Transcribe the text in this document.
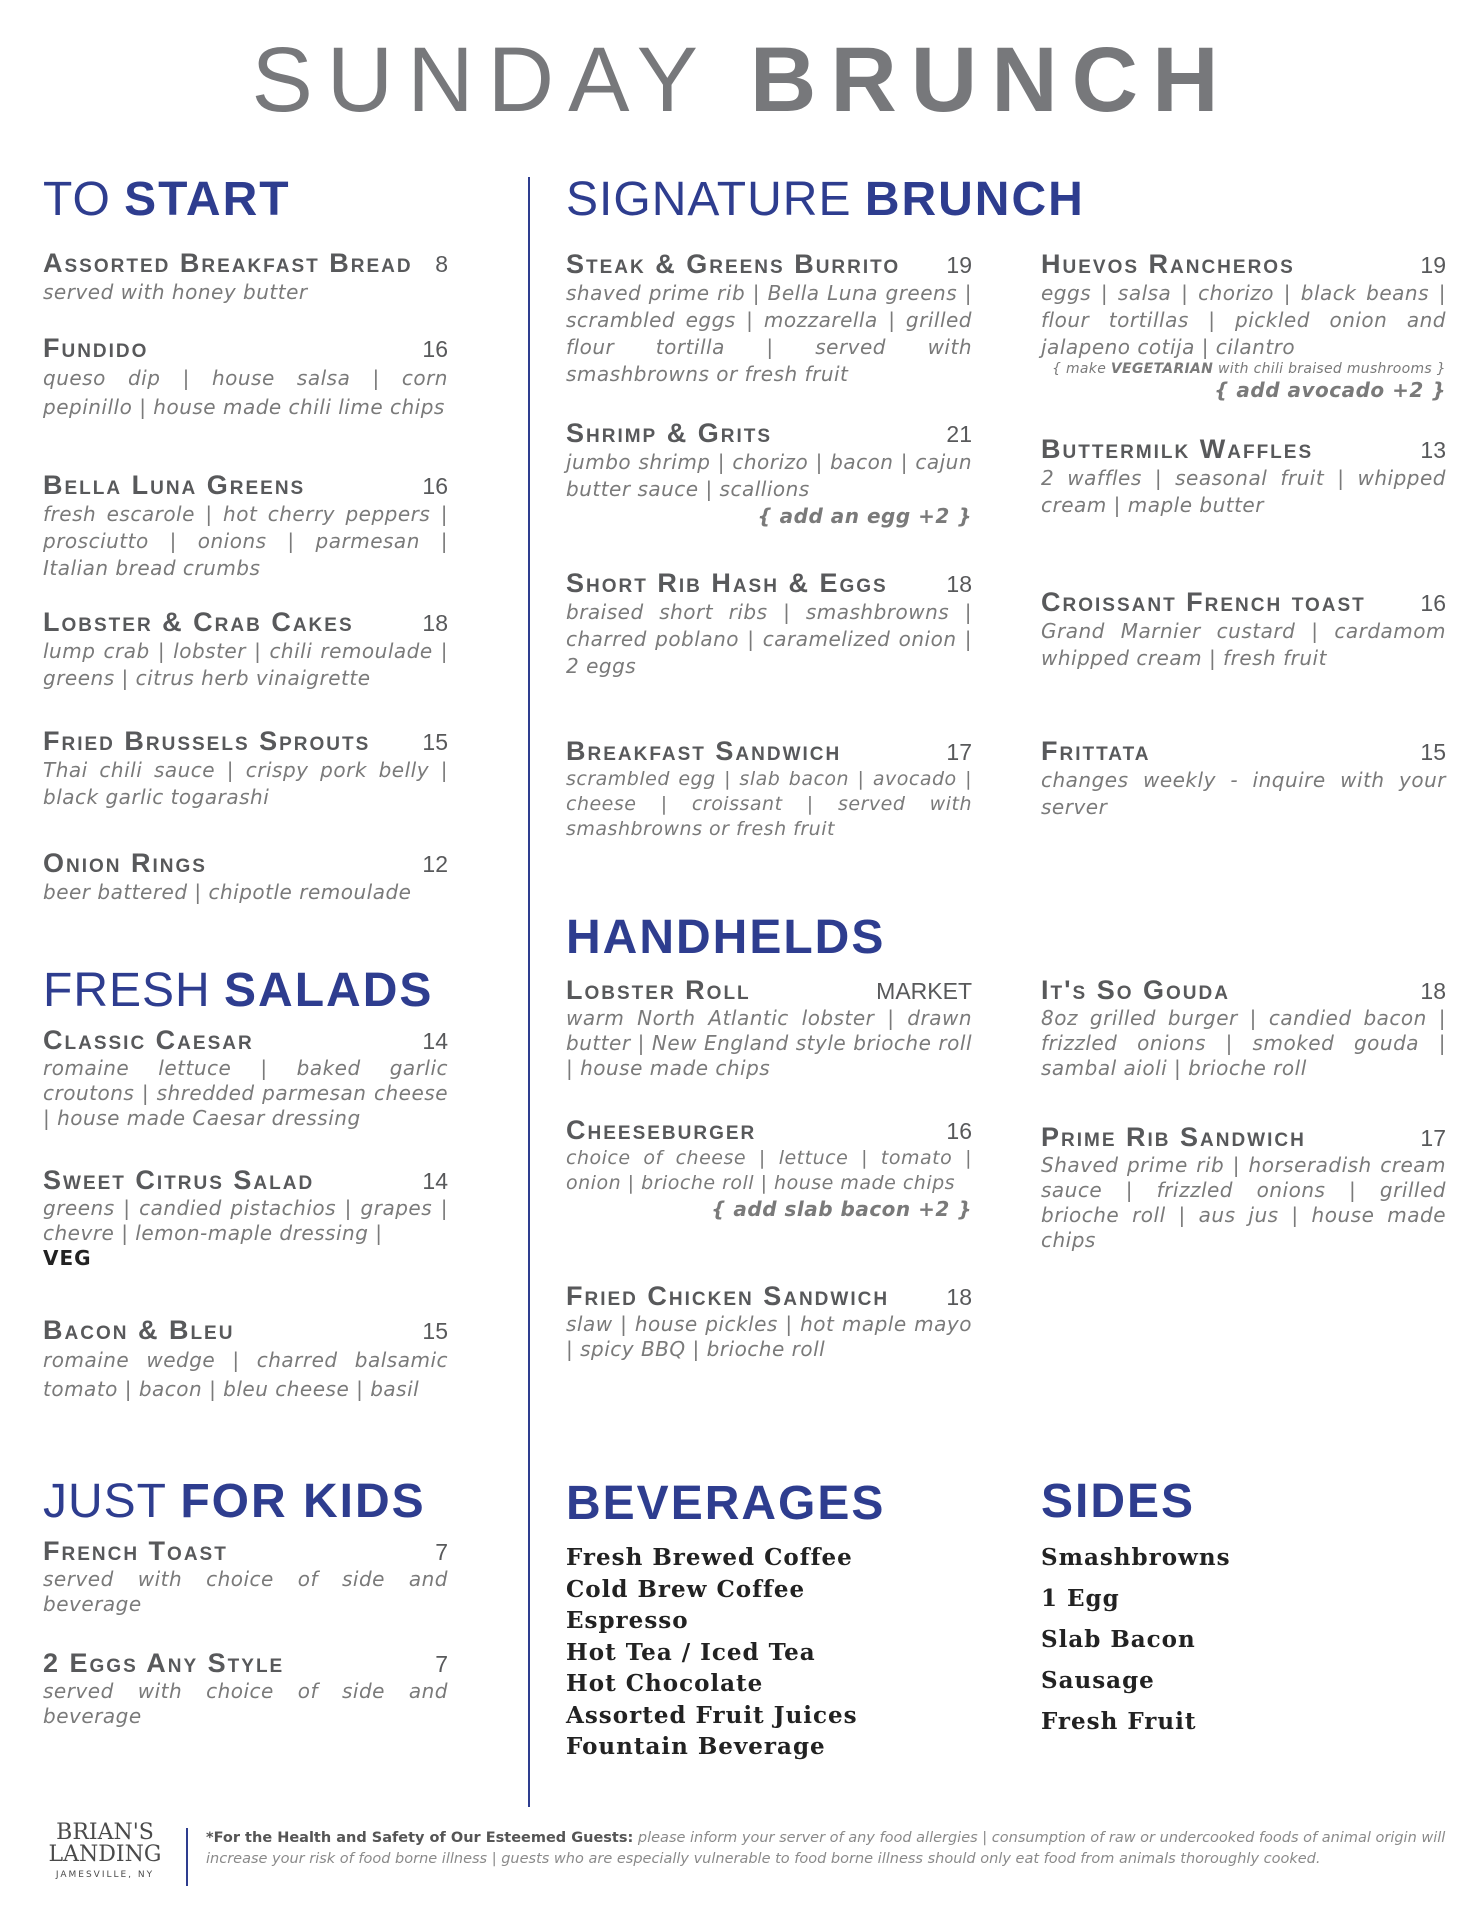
SUNDAY BRUNCH
TO START
Assorted Breakfast Bread 8
served with honey butter
Fundido	16
queso dip | house salsa | corn pepinillo | house made chili lime chips
Bella Luna Greens	16
fresh escarole | hot cherry peppers | prosciutto | onions | parmesan | Italian bread crumbs
Lobster & Crab Cakes	18
lump crab | lobster | chili remoulade | greens | citrus herb vinaigrette
Fried Brussels Sprouts 15
Thai chili sauce | crispy pork belly | black garlic togarashi
Onion Rings	12
beer battered | chipotle remoulade
FRESH SALADS
Classic Caesar	14
romaine lettuce | baked garlic croutons | shredded parmesan cheese | house made Caesar dressing
Sweet Citrus Salad	14
greens | candied pistachios | grapes | chevre | lemon-maple dressing |
VEG
Bacon & Bleu	15
romaine wedge | charred balsamic tomato | bacon | bleu cheese | basil
JUST FOR KIDS
French Toast	7
served with choice of side and beverage
2 Eggs Any Style	7
served with choice of side and beverage
SIGNATURE BRUNCH
Steak & Greens Burrito 19
shaved prime rib | Bella Luna greens | scrambled eggs | mozzarella | grilled flour tortilla | served with smashbrowns or fresh fruit
Shrimp & Grits	21
jumbo shrimp | chorizo | bacon | cajun butter sauce | scallions
{ add an egg +2 }
Short Rib Hash & Eggs	18
braised short ribs | smashbrowns | charred poblano | caramelized onion | 2 eggs
Breakfast Sandwich	17
scrambled egg | slab bacon | avocado | cheese | croissant | served with smashbrowns or fresh fruit
Huevos Rancheros	19
eggs | salsa | chorizo | black beans | flour tortillas | pickled onion and jalapeno cotija | cilantro
{ make VEGETARIAN with chili braised mushrooms }
{ add avocado +2 }
Buttermilk Waffles	13
2 waffles | seasonal fruit | whipped cream | maple butter
Croissant French toast 16
Grand Marnier custard | cardamom whipped cream | fresh fruit
Frittata	15
changes weekly - inquire with your server
HANDHELDS
Lobster Roll	MARKET
warm North Atlantic lobster | drawn butter | New England style brioche roll | house made chips
Cheeseburger	16
choice of cheese | lettuce | tomato | onion | brioche roll | house made chips
{ add slab bacon +2 }
Fried Chicken Sandwich 18
slaw | house pickles | hot maple mayo | spicy BBQ | brioche roll
It's So Gouda	18
8oz grilled burger | candied bacon | frizzled onions | smoked gouda | sambal aioli | brioche roll
Prime Rib Sandwich	17
Shaved prime rib | horseradish cream sauce | frizzled onions | grilled brioche roll | aus jus | house made chips
BEVERAGES
Fresh Brewed Coffee
Cold Brew Coffee
Espresso
Hot Tea / Iced Tea
Hot Chocolate
Assorted Fruit Juices
Fountain Beverage
SIDES
Smashbrowns
1 Egg
Slab Bacon
Sausage
Fresh Fruit
BRIAN'S
LANDING
JAMESVILLE, NY
*For the Health and Safety of Our Esteemed Guests: please inform your server of any food allergies | consumption of raw or undercooked foods of animal origin will increase your risk of food borne illness | guests who are especially vulnerable to food borne illness should only eat food from animals thoroughly cooked.
